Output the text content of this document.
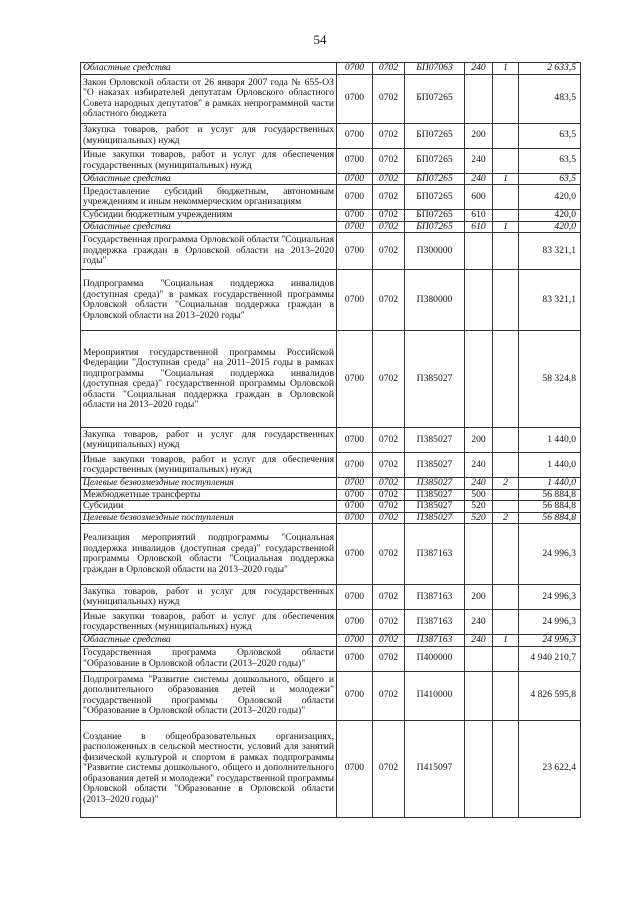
54
Областные средства	0700	0702	БП07063	240	1	2 633,5
Закон Орловской области от 26 января 2007 года № 655-ОЗ "О наказах избирателей депутатам Орловского областного Совета народных депутатов" в рамках непрограммной части областного бюджета	0700	0702	БП07265			483,5
Закупка товаров, работ и услуг для государственных (муниципальных) нужд	0700	0702	БП07265	200		63,5
Иные закупки товаров, работ и услуг для обеспечения государственных (муниципальных) нужд	0700	0702	БП07265	240		63,5
Областные средства	0700	0702	БП07265	240	1	63,5
Предоставление субсидий бюджетным, автономным учреждениям и иным некоммерческим организациям	0700	0702	БП07265	600		420,0
Субсидии бюджетным учреждениям	0700	0702	БП07265	610		420,0
Областные средства	0700	0702	БП07265	610	1	420,0
Государственная программа Орловской области "Социальная поддержка граждан в Орловской области на 2013–2020 годы"	0700	0702	П300000			83 321,1
Подпрограмма "Социальная поддержка инвалидов (доступная среда)" в рамках государственной программы Орловской области "Социальная поддержка граждан в Орловской области на 2013–2020 годы"	0700	0702	П380000			83 321,1
Мероприятия государственной программы Российской Федерации "Доступная среда" на 2011–2015 годы в рамках подпрограммы "Социальная поддержка инвалидов (доступная среда)" государственной программы Орловской области "Социальная поддержка граждан в Орловской области на 2013–2020 годы"	0700	0702	П385027			58 324,8
Закупка товаров, работ и услуг для государственных (муниципальных) нужд	0700	0702	П385027	200		1 440,0
Иные закупки товаров, работ и услуг для обеспечения государственных (муниципальных) нужд	0700	0702	П385027	240		1 440,0
Целевые безвозмездные поступления	0700	0702	П385027	240	2	1 440,0
Межбюджетные трансферты	0700	0702	П385027	500		56 884,8
Субсидии	0700	0702	П385027	520		56 884,8
Целевые безвозмездные поступления	0700	0702	П385027	520	2	56 884,8
Реализация мероприятий подпрограммы "Социальная поддержка инвалидов (доступная среда)" государственной программы Орловской области "Социальная поддержка граждан в Орловской области на 2013–2020 годы"	0700	0702	П387163			24 996,3
Закупка товаров, работ и услуг для государственных (муниципальных) нужд	0700	0702	П387163	200		24 996,3
Иные закупки товаров, работ и услуг для обеспечения государственных (муниципальных) нужд	0700	0702	П387163	240		24 996,3
Областные средства	0700	0702	П387163	240	1	24 996,3
Государственная программа Орловской области "Образование в Орловской области (2013–2020 годы)"	0700	0702	П400000			4 940 210,7
Подпрограмма "Развитие системы дошкольного, общего и дополнительного образования детей и молодежи" государственной программы Орловской области "Образование в Орловской области (2013–2020 годы)"	0700	0702	П410000			4 826 595,8
Создание в общеобразовательных организациях, расположенных в сельской местности, условий для занятий физической культурой и спортом в рамках подпрограммы "Развитие системы дошкольного, общего и дополнительного образования детей и молодежи" государственной программы Орловской области "Образование в Орловской области (2013–2020 годы)"	0700	0702	П415097			23 622,4
